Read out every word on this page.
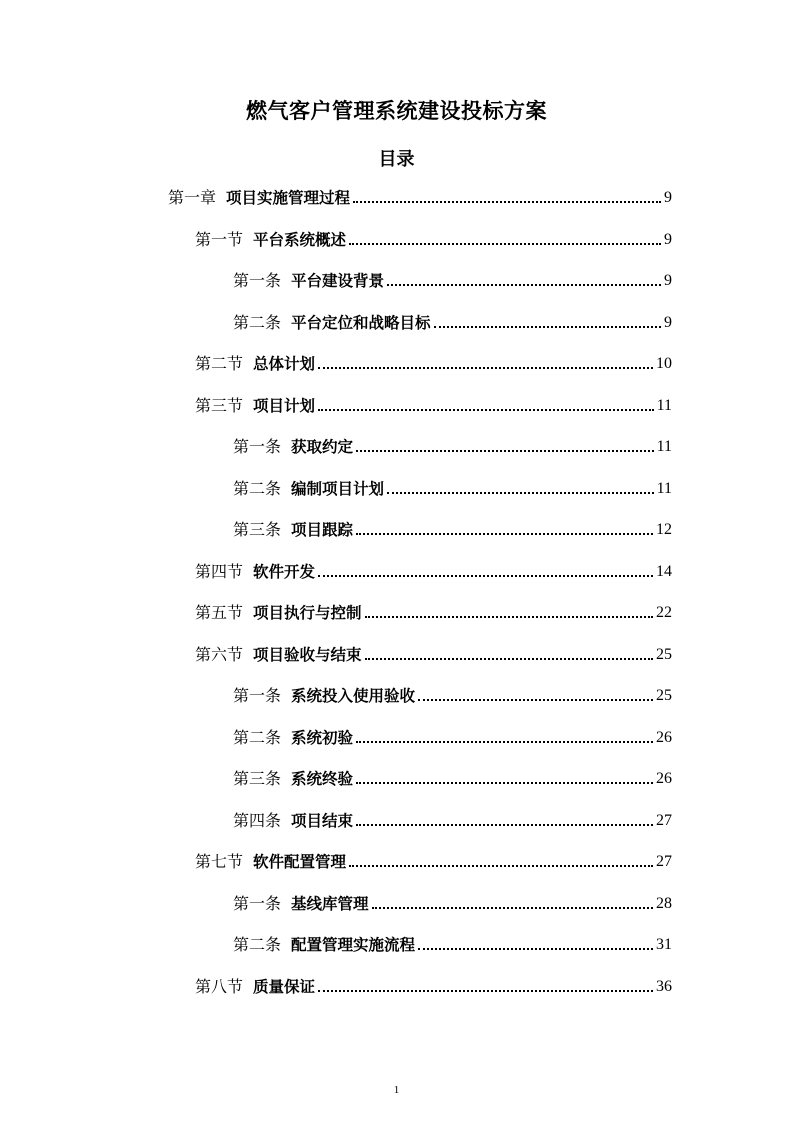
燃气客户管理系统建设投标方案
目录
第一章 项目实施管理过程	9
第一节 平台系统概述	9
第一条 平台建设背景	9
第二条 平台定位和战略目标	9
第二节 总体计划	10
第三节 项目计划	11
第一条 获取约定	11
第二条 编制项目计划	11
第三条 项目跟踪	12
第四节 软件开发	14
第五节 项目执行与控制	22
第六节 项目验收与结束	25
第一条 系统投入使用验收	25
第二条 系统初验	26
第三条 系统终验	26
第四条 项目结束	27
第七节 软件配置管理	27
第一条 基线库管理	28
第二条 配置管理实施流程	31
第八节 质量保证	36
1
